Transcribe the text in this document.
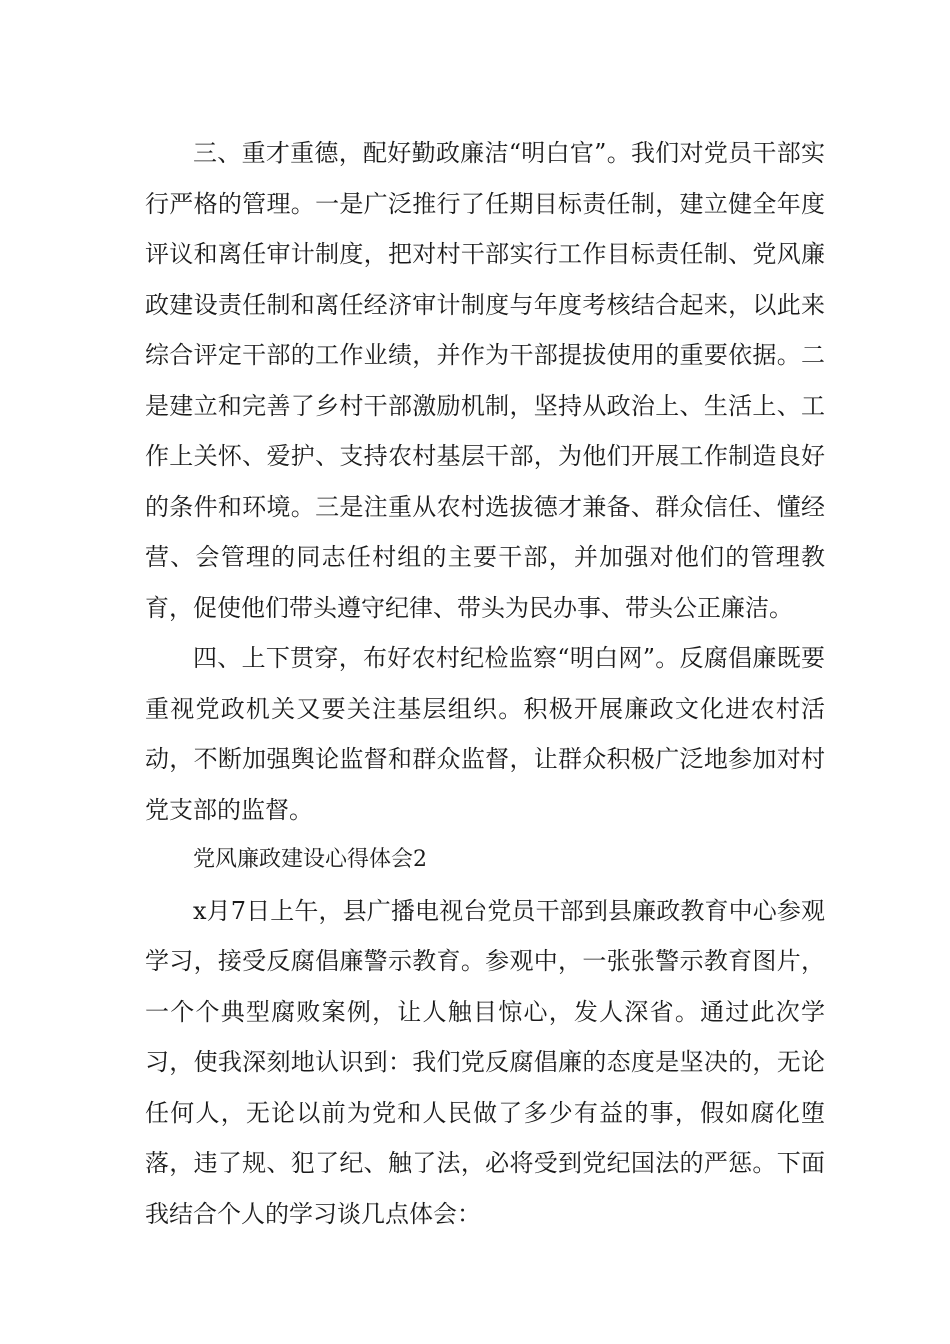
三、重才重德，配好勤政廉洁“明白官”。我们对党员干部实行严格的管理。一是广泛推行了任期目标责任制，建立健全年度评议和离任审计制度，把对村干部实行工作目标责任制、党风廉政建设责任制和离任经济审计制度与年度考核结合起来，以此来综合评定干部的工作业绩，并作为干部提拔使用的重要依据。二是建立和完善了乡村干部激励机制，坚持从政治上、生活上、工作上关怀、爱护、支持农村基层干部，为他们开展工作制造良好的条件和环境。三是注重从农村选拔德才兼备、群众信任、懂经营、会管理的同志任村组的主要干部，并加强对他们的管理教育，促使他们带头遵守纪律、带头为民办事、带头公正廉洁。

四、上下贯穿，布好农村纪检监察“明白网”。反腐倡廉既要重视党政机关又要关注基层组织。积极开展廉政文化进农村活动，不断加强舆论监督和群众监督，让群众积极广泛地参加对村党支部的监督。

党风廉政建设心得体会2

x月7日上午，县广播电视台党员干部到县廉政教育中心参观学习，接受反腐倡廉警示教育。参观中，一张张警示教育图片，一个个典型腐败案例，让人触目惊心，发人深省。通过此次学习，使我深刻地认识到：我们党反腐倡廉的态度是坚决的，无论任何人，无论以前为党和人民做了多少有益的事，假如腐化堕落，违了规、犯了纪、触了法，必将受到党纪国法的严惩。下面我结合个人的学习谈几点体会：
